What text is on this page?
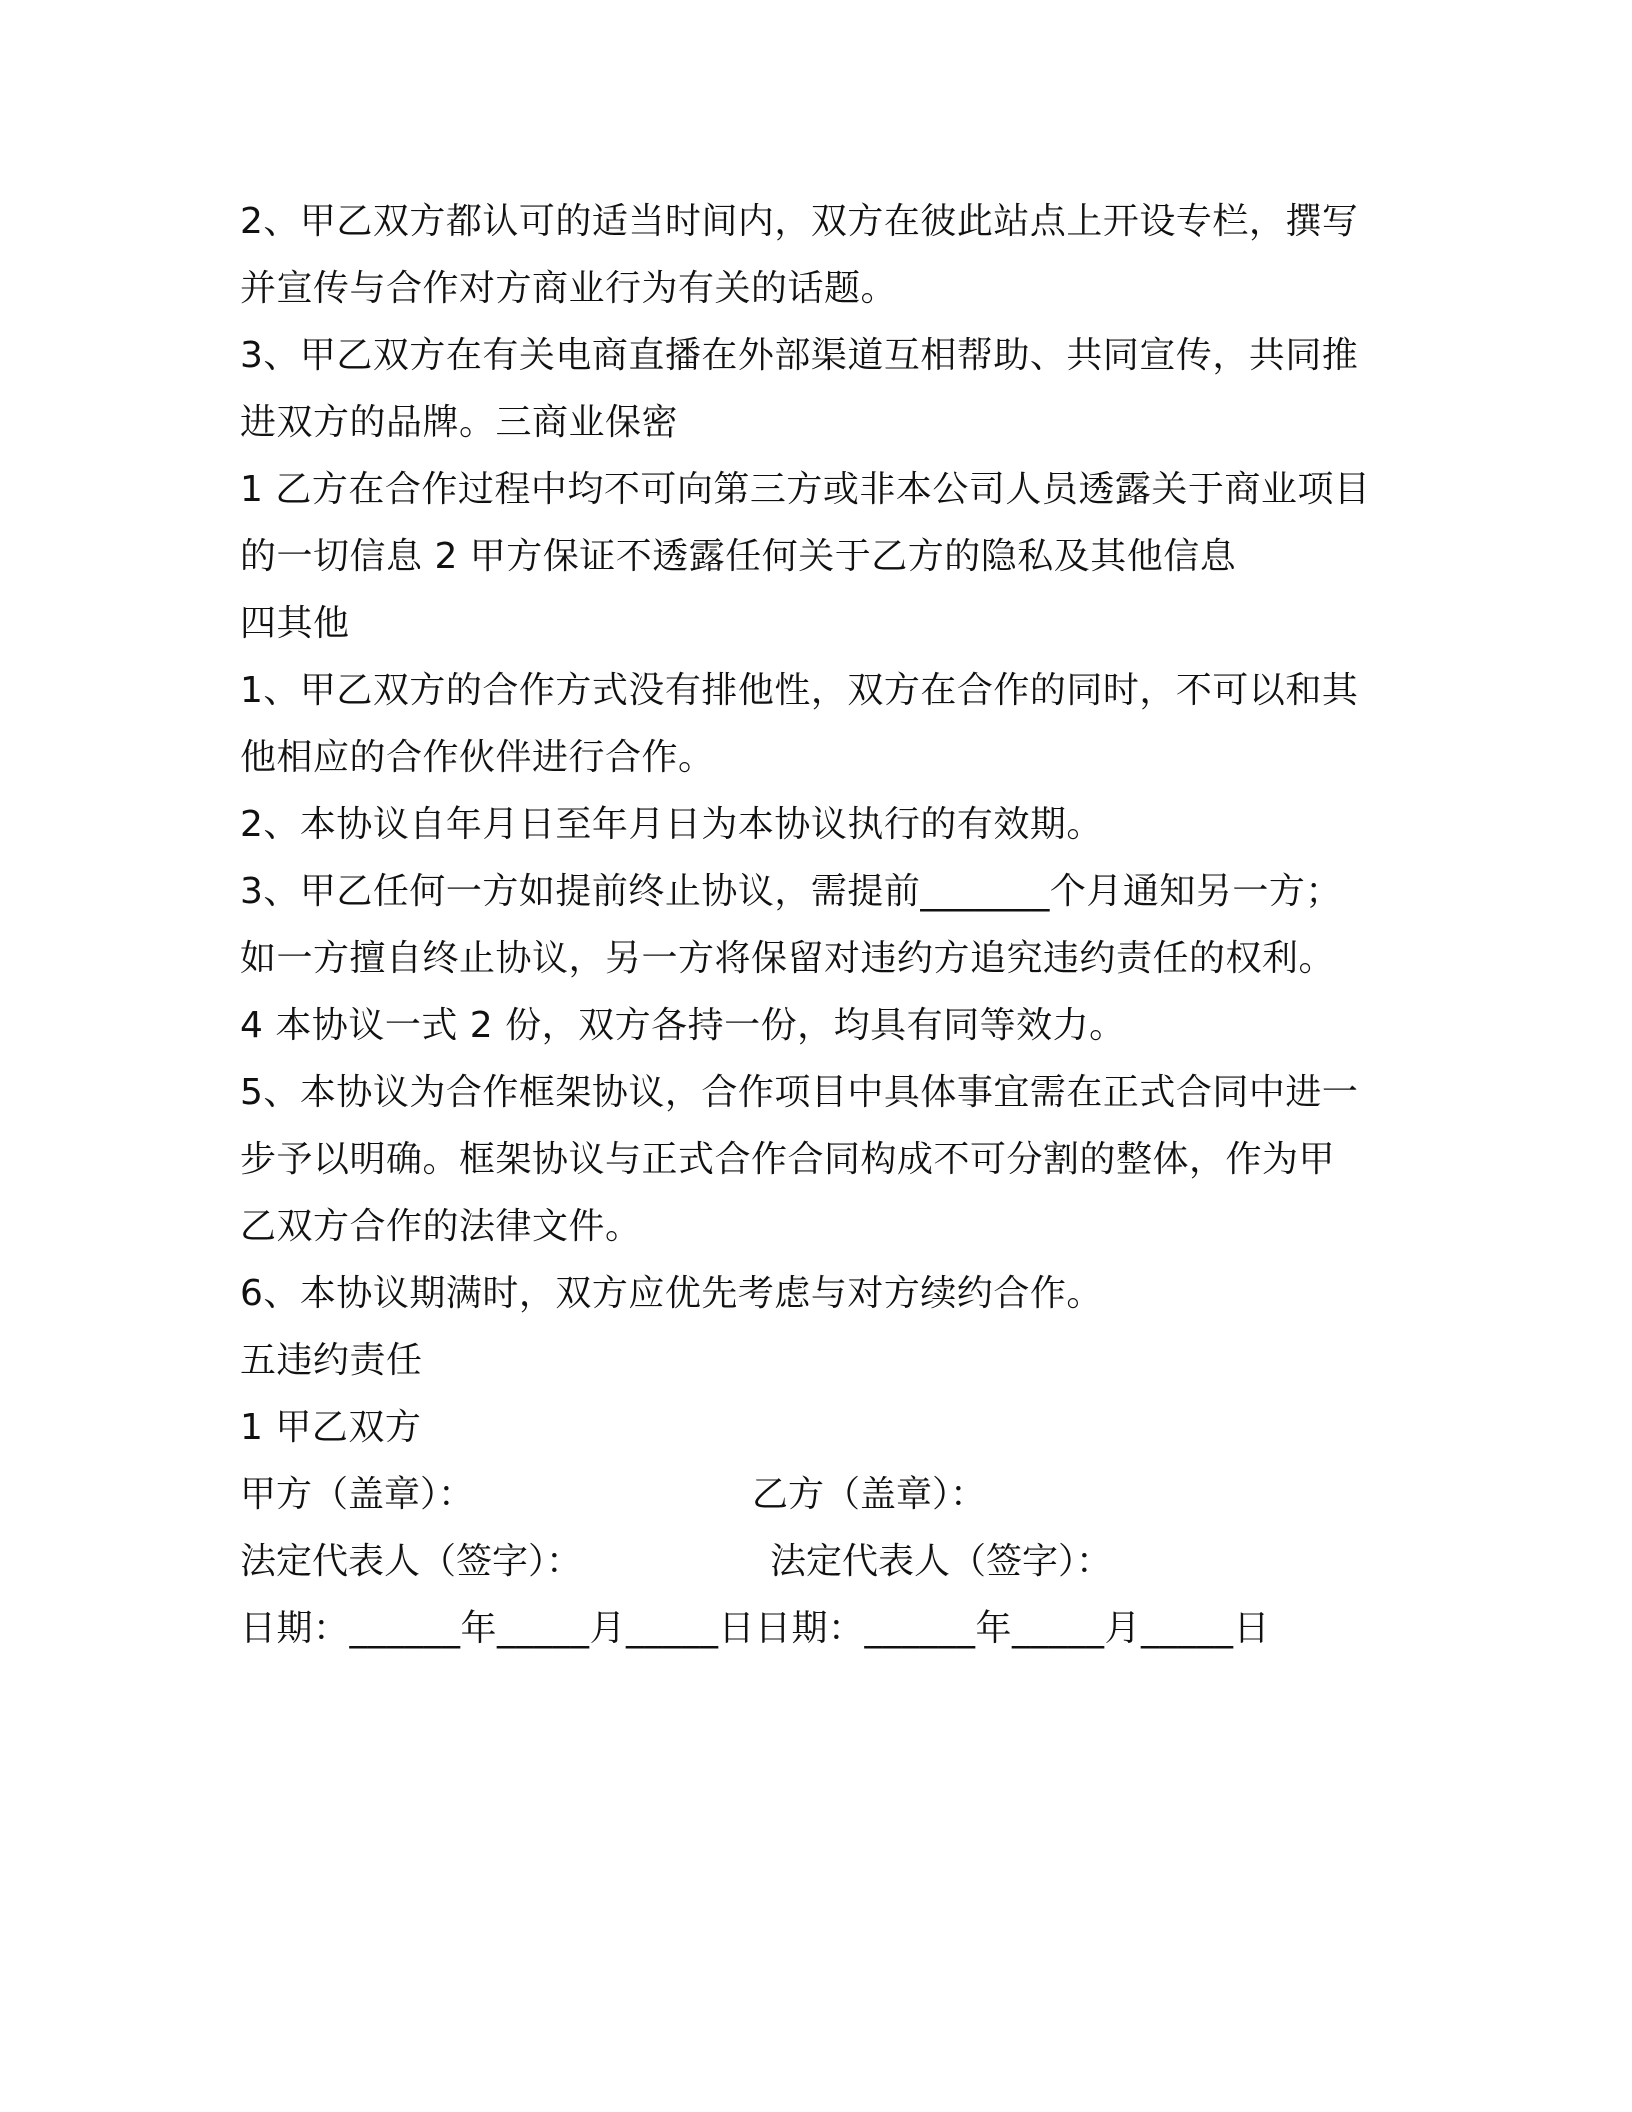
2、甲乙双方都认可的适当时间内，双方在彼此站点上开设专栏，撰写
并宣传与合作对方商业行为有关的话题。
3、甲乙双方在有关电商直播在外部渠道互相帮助、共同宣传，共同推
进双方的品牌。三商业保密
1 乙方在合作过程中均不可向第三方或非本公司人员透露关于商业项目
的一切信息 2 甲方保证不透露任何关于乙方的隐私及其他信息
四其他
1、甲乙双方的合作方式没有排他性，双方在合作的同时，不可以和其
他相应的合作伙伴进行合作。
2、本协议自年月日至年月日为本协议执行的有效期。
3、甲乙任何一方如提前终止协议，需提前_______个月通知另一方；
如一方擅自终止协议，另一方将保留对违约方追究违约责任的权利。
4 本协议一式 2 份，双方各持一份，均具有同等效力。
5、本协议为合作框架协议，合作项目中具体事宜需在正式合同中进一
步予以明确。框架协议与正式合作合同构成不可分割的整体，作为甲
乙双方合作的法律文件。
6、本协议期满时，双方应优先考虑与对方续约合作。
五违约责任
1 甲乙双方
甲方（盖章）：	乙方（盖章）：
法定代表人（签字）：	法定代表人（签字）：
日期：______年_____月_____日日期：______年_____月_____日
